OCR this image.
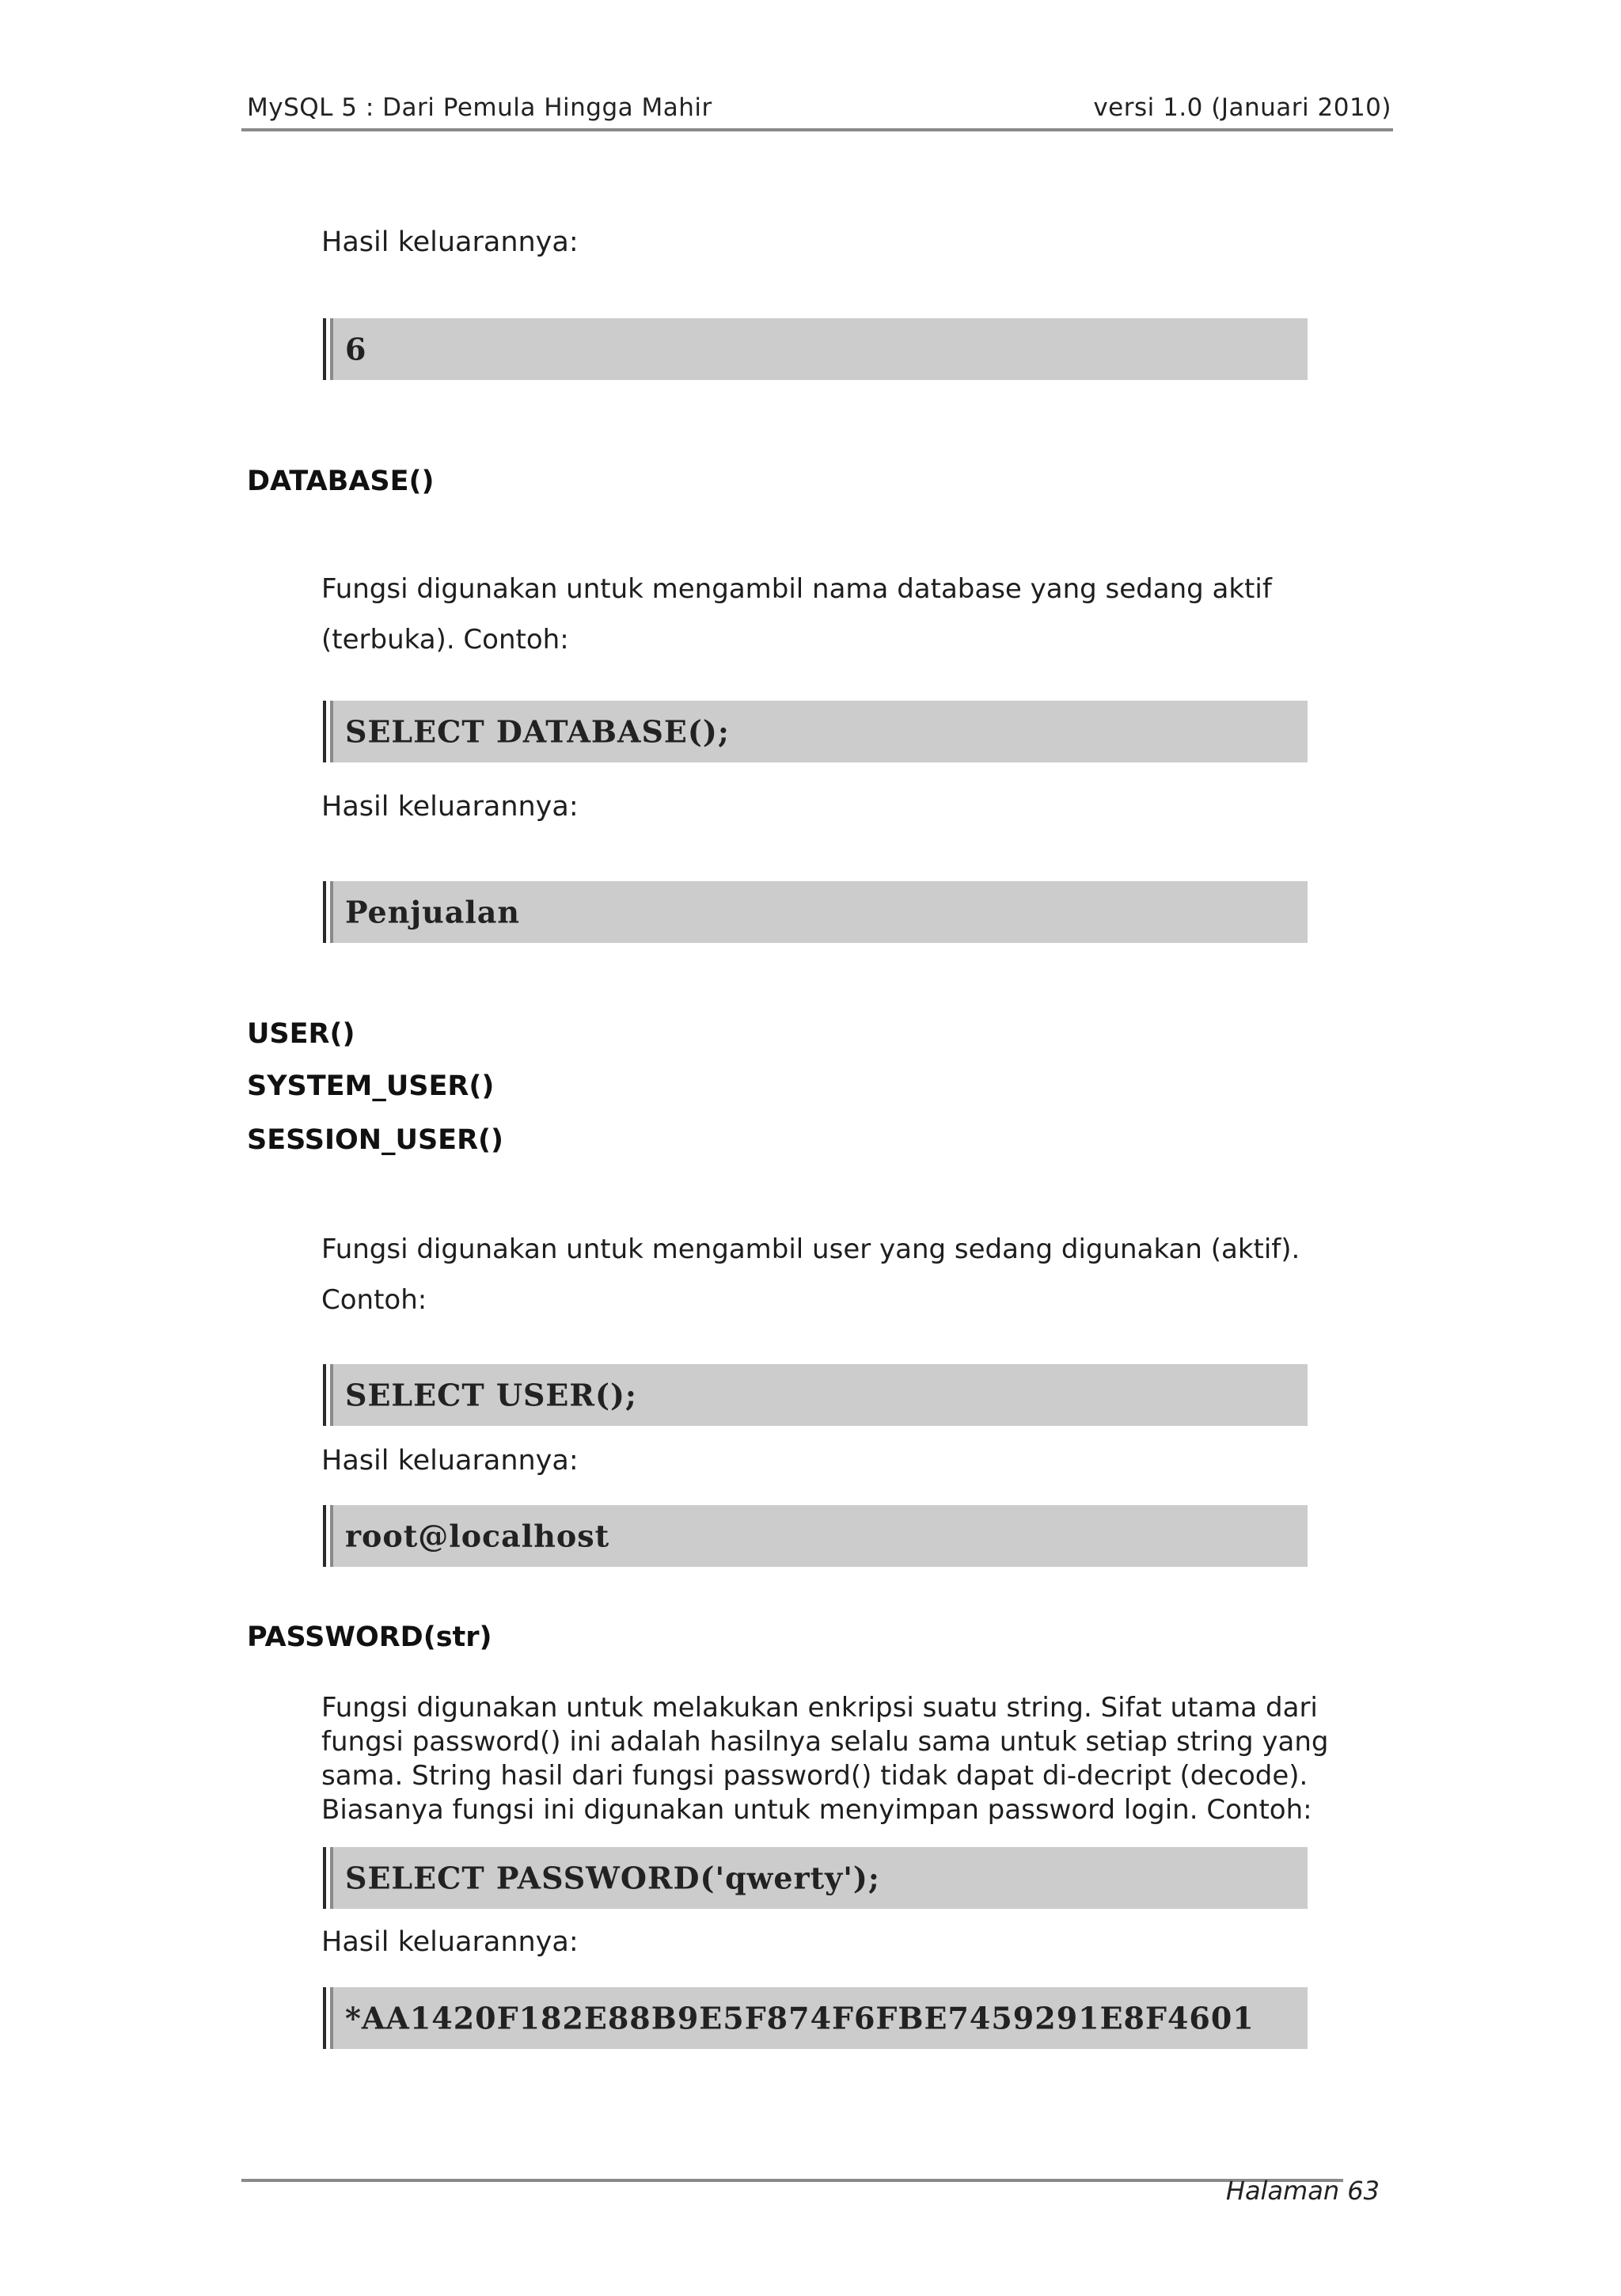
MySQL 5 : Dari Pemula Hingga Mahir	versi 1.0 (Januari 2010)
Hasil keluarannya:
6
DATABASE()
Fungsi digunakan untuk mengambil nama database yang sedang aktif
(terbuka). Contoh:
SELECT DATABASE();
Hasil keluarannya:
Penjualan
USER()
SYSTEM_USER()
SESSION_USER()
Fungsi digunakan untuk mengambil user yang sedang digunakan (aktif).
Contoh:
SELECT USER();
Hasil keluarannya:
root@localhost
PASSWORD(str)
Fungsi digunakan untuk melakukan enkripsi suatu string. Sifat utama dari
fungsi password() ini adalah hasilnya selalu sama untuk setiap string yang
sama. String hasil dari fungsi password() tidak dapat di-decript (decode).
Biasanya fungsi ini digunakan untuk menyimpan password login. Contoh:
SELECT PASSWORD('qwerty');
Hasil keluarannya:
*AA1420F182E88B9E5F874F6FBE7459291E8F4601
Halaman 63
